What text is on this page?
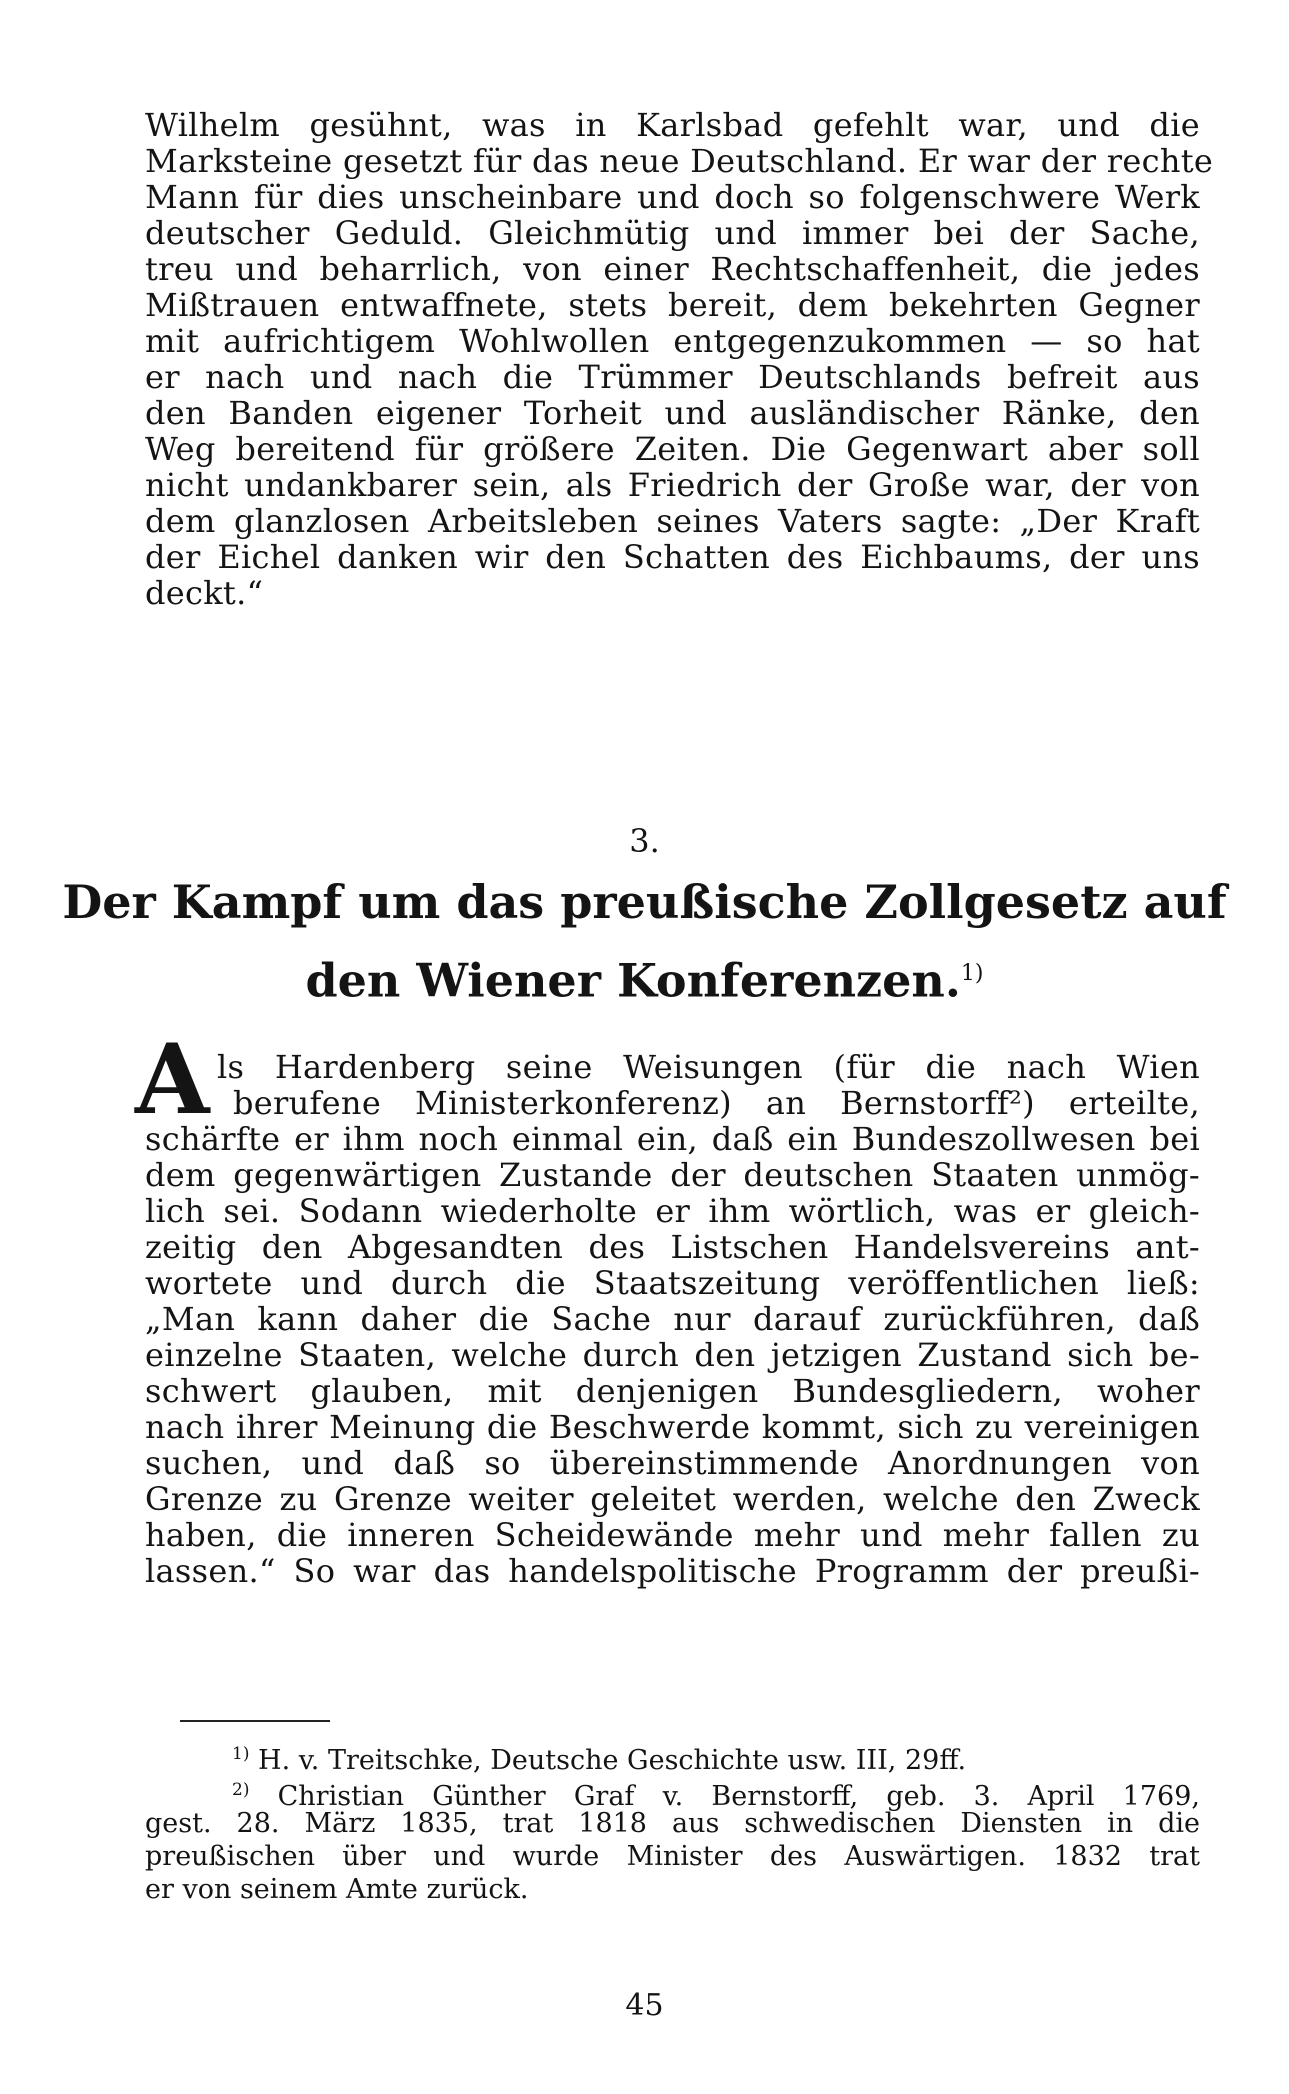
Wilhelm gesühnt, was in Karlsbad gefehlt war, und die
Marksteine gesetzt für das neue Deutschland. Er war der rechte
Mann für dies unscheinbare und doch so folgenschwere Werk
deutscher Geduld. Gleichmütig und immer bei der Sache,
treu und beharrlich, von einer Rechtschaffenheit, die jedes
Mißtrauen entwaffnete, stets bereit, dem bekehrten Gegner
mit aufrichtigem Wohlwollen entgegenzukommen — so hat
er nach und nach die Trümmer Deutschlands befreit aus
den Banden eigener Torheit und ausländischer Ränke, den
Weg bereitend für größere Zeiten. Die Gegenwart aber soll
nicht undankbarer sein, als Friedrich der Große war, der von
dem glanzlosen Arbeitsleben seines Vaters sagte: „Der Kraft
der Eichel danken wir den Schatten des Eichbaums, der uns
deckt.“
3.
Der Kampf um das preußische Zollgesetz auf
den Wiener Konferenzen.$^{1)}$
A ls Hardenberg seine Weisungen (für die nach Wien
berufene Ministerkonferenz) an Bernstorff²) erteilte,
schärfte er ihm noch einmal ein, daß ein Bundeszollwesen bei
dem gegenwärtigen Zustande der deutschen Staaten unmög-
lich sei. Sodann wiederholte er ihm wörtlich, was er gleich-
zeitig den Abgesandten des Listschen Handelsvereins ant-
wortete und durch die Staatszeitung veröffentlichen ließ:
„Man kann daher die Sache nur darauf zurückführen, daß
einzelne Staaten, welche durch den jetzigen Zustand sich be-
schwert glauben, mit denjenigen Bundesgliedern, woher
nach ihrer Meinung die Beschwerde kommt, sich zu vereinigen
suchen, und daß so übereinstimmende Anordnungen von
Grenze zu Grenze weiter geleitet werden, welche den Zweck
haben, die inneren Scheidewände mehr und mehr fallen zu
lassen.“ So war das handelspolitische Programm der preußi-
$^{1)}$ H. v. Treitschke, Deutsche Geschichte usw. III, 29ff.
$^{2)}$ Christian Günther Graf v. Bernstorff, geb. 3. April 1769,
gest. 28. März 1835, trat 1818 aus schwedischen Diensten in die
preußischen über und wurde Minister des Auswärtigen. 1832 trat
er von seinem Amte zurück.
45
